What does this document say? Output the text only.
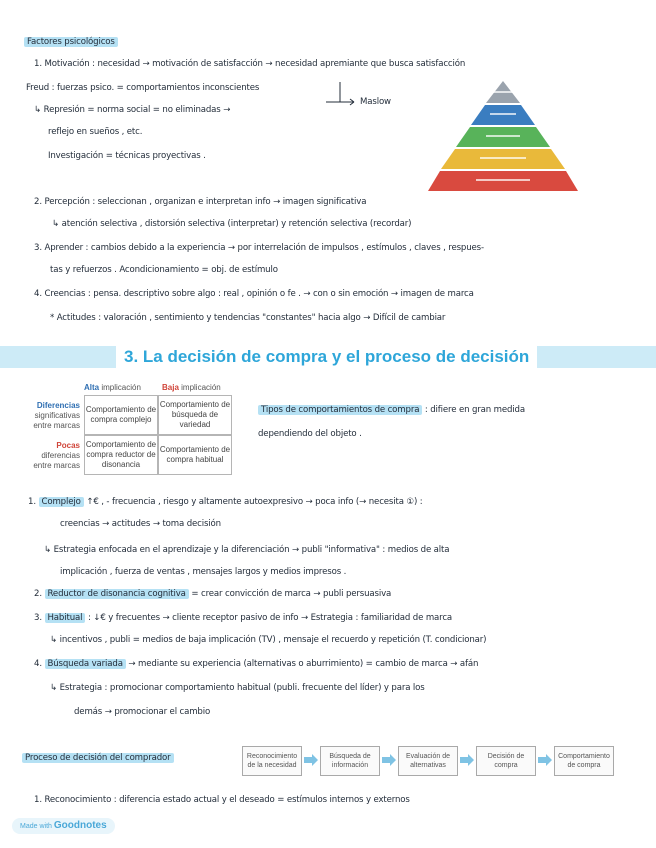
Factores psicológicos
1. Motivación : necesidad → motivación de satisfacción → necesidad apremiante que busca satisfacción
Freud : fuerzas psico. = comportamientos inconscientes
Maslow
↳ Represión = norma social = no eliminadas →
reflejo en sueños , etc.
Investigación = técnicas proyectivas .
2. Percepción : seleccionan , organizan e interpretan info → imagen significativa
↳ atención selectiva , distorsión selectiva (interpretar) y retención selectiva (recordar)
3. Aprender : cambios debido a la experiencia → por interrelación de impulsos , estímulos , claves , respues-
tas y refuerzos . Acondicionamiento = obj. de estímulo
4. Creencias : pensa. descriptivo sobre algo : real , opinión o fe . → con o sin emoción → imagen de marca
* Actitudes : valoración , sentimiento y tendencias "constantes" hacia algo → Difícil de cambiar
3. La decisión de compra y el proceso de decisión
Alta implicación	Baja implicación
Diferencias
significativas entre marcas
Pocas
diferencias entre marcas
Comportamiento de compra complejo
Comportamiento de búsqueda de variedad
Comportamiento de compra reductor de disonancia
Comportamiento de compra habitual
Tipos de comportamientos de compra : difiere en gran medida
dependiendo del objeto .
1. Complejo ↑€ , - frecuencia , riesgo y altamente autoexpresivo → poca info (→ necesita ①) :
creencias → actitudes → toma decisión
↳ Estrategia enfocada en el aprendizaje y la diferenciación → publi "informativa" : medios de alta
implicación , fuerza de ventas , mensajes largos y medios impresos .
2. Reductor de disonancia cognitiva = crear convicción de marca → publi persuasiva
3. Habitual : ↓€ y frecuentes → cliente receptor pasivo de info → Estrategia : familiaridad de marca
↳ incentivos , publi = medios de baja implicación (TV) , mensaje el recuerdo y repetición (T. condicionar)
4. Búsqueda variada → mediante su experiencia (alternativas o aburrimiento) = cambio de marca → afán
↳ Estrategia : promocionar comportamiento habitual (publi. frecuente del líder) y para los
demás → promocionar el cambio
Proceso de decisión del comprador	Reconocimiento de la necesidad
Búsqueda de información
Evaluación de alternativas
Decisión de compra
Comportamiento de compra
1. Reconocimiento : diferencia estado actual y el deseado = estímulos internos y externos
Made with Goodnotes
